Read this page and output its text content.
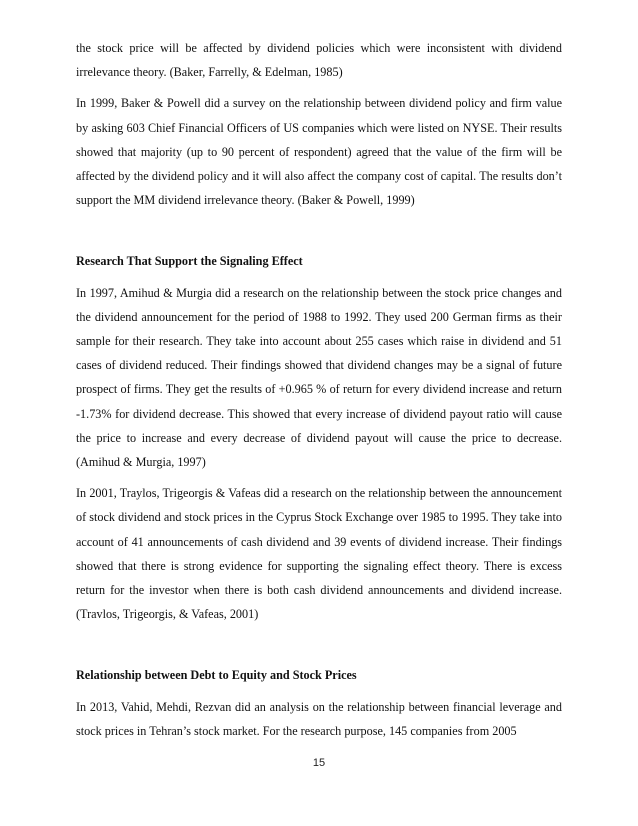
the stock price will be affected by dividend policies which were inconsistent with dividend irrelevance theory. (Baker, Farrelly, & Edelman, 1985)

In 1999, Baker & Powell did a survey on the relationship between dividend policy and firm value by asking 603 Chief Financial Officers of US companies which were listed on NYSE. Their results showed that majority (up to 90 percent of respondent) agreed that the value of the firm will be affected by the dividend policy and it will also affect the company cost of capital. The results don’t support the MM dividend irrelevance theory. (Baker & Powell, 1999)

Research That Support the Signaling Effect

In 1997, Amihud & Murgia did a research on the relationship between the stock price changes and the dividend announcement for the period of 1988 to 1992. They used 200 German firms as their sample for their research. They take into account about 255 cases which raise in dividend and 51 cases of dividend reduced. Their findings showed that dividend changes may be a signal of future prospect of firms. They get the results of +0.965 % of return for every dividend increase and return -1.73% for dividend decrease. This showed that every increase of dividend payout ratio will cause the price to increase and every decrease of dividend payout will cause the price to decrease. (Amihud & Murgia, 1997)

In 2001, Traylos, Trigeorgis & Vafeas did a research on the relationship between the announcement of stock dividend and stock prices in the Cyprus Stock Exchange over 1985 to 1995. They take into account of 41 announcements of cash dividend and 39 events of dividend increase. Their findings showed that there is strong evidence for supporting the signaling effect theory. There is excess return for the investor when there is both cash dividend announcements and dividend increase. (Travlos, Trigeorgis, & Vafeas, 2001)

Relationship between Debt to Equity and Stock Prices

In 2013, Vahid, Mehdi, Rezvan did an analysis on the relationship between financial leverage and stock prices in Tehran’s stock market. For the research purpose, 145 companies from 2005

15
